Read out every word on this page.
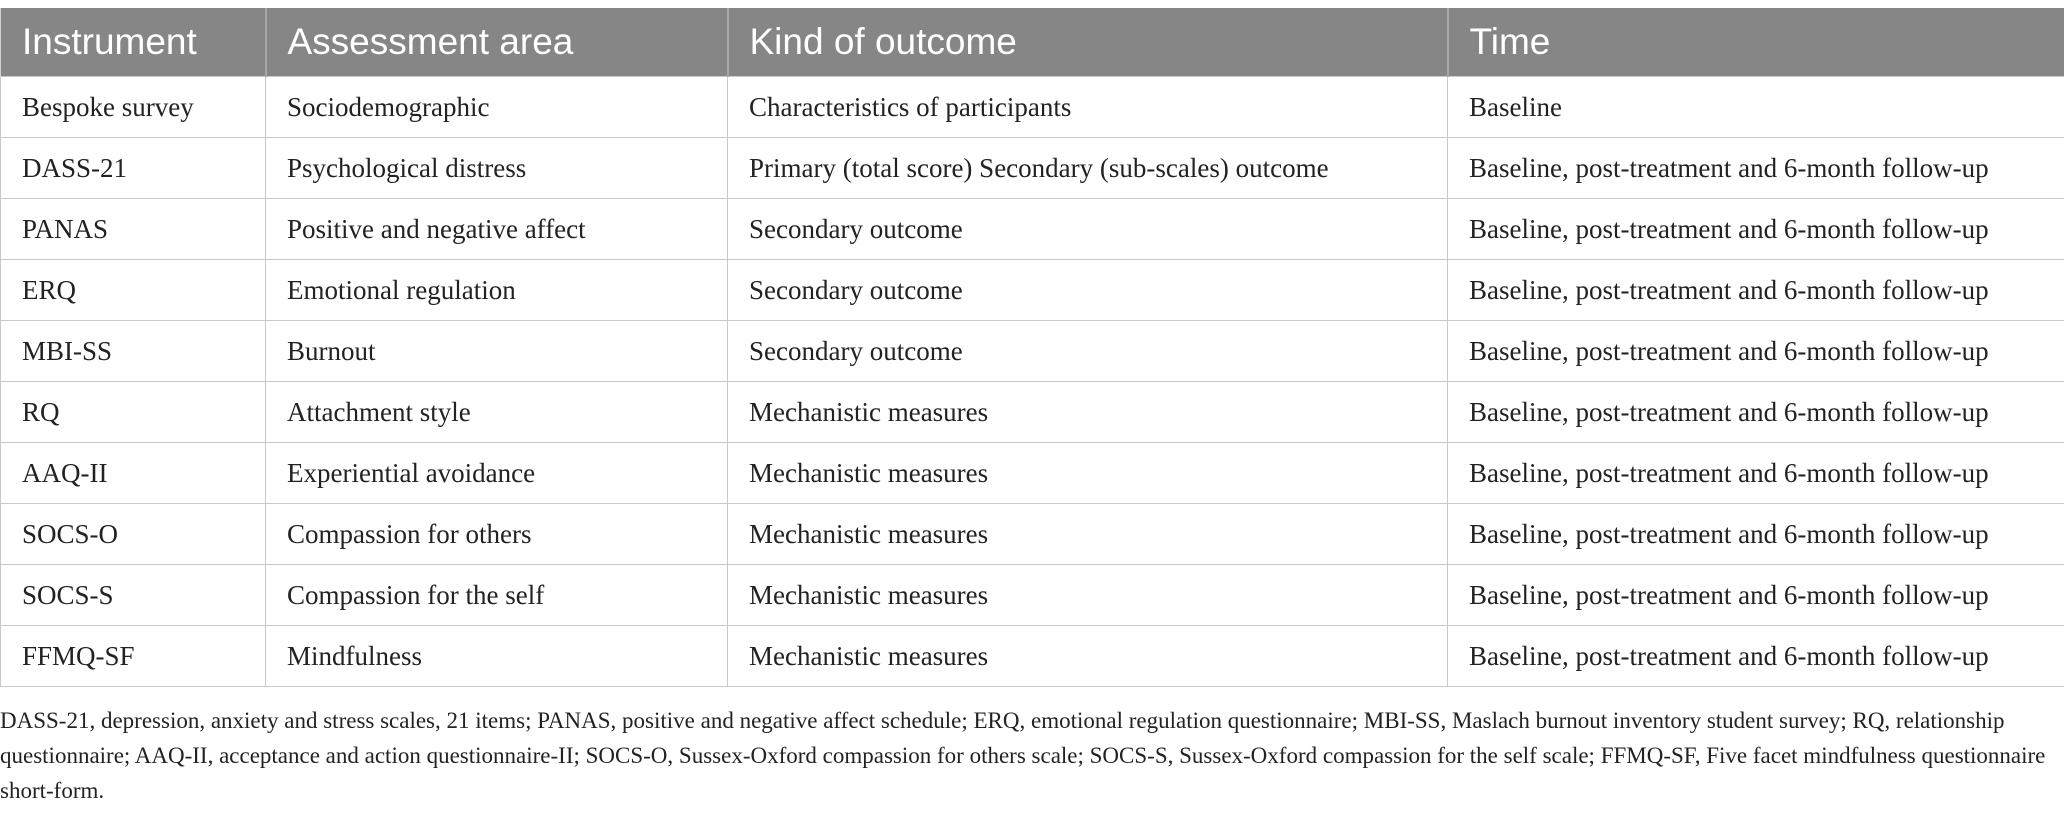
Instrument	Assessment area	Kind of outcome	Time
Bespoke survey	Sociodemographic	Characteristics of participants	Baseline
DASS-21	Psychological distress	Primary (total score) Secondary (sub-scales) outcome	Baseline, post-treatment and 6-month follow-up
PANAS	Positive and negative affect	Secondary outcome	Baseline, post-treatment and 6-month follow-up
ERQ	Emotional regulation	Secondary outcome	Baseline, post-treatment and 6-month follow-up
MBI-SS	Burnout	Secondary outcome	Baseline, post-treatment and 6-month follow-up
RQ	Attachment style	Mechanistic measures	Baseline, post-treatment and 6-month follow-up
AAQ-II	Experiential avoidance	Mechanistic measures	Baseline, post-treatment and 6-month follow-up
SOCS-O	Compassion for others	Mechanistic measures	Baseline, post-treatment and 6-month follow-up
SOCS-S	Compassion for the self	Mechanistic measures	Baseline, post-treatment and 6-month follow-up
FFMQ-SF	Mindfulness	Mechanistic measures	Baseline, post-treatment and 6-month follow-up

DASS-21, depression, anxiety and stress scales, 21 items; PANAS, positive and negative affect schedule; ERQ, emotional regulation questionnaire; MBI-SS, Maslach burnout inventory student survey; RQ, relationship questionnaire; AAQ-II, acceptance and action questionnaire-II; SOCS-O, Sussex-Oxford compassion for others scale; SOCS-S, Sussex-Oxford compassion for the self scale; FFMQ-SF, Five facet mindfulness questionnaire short-form.
